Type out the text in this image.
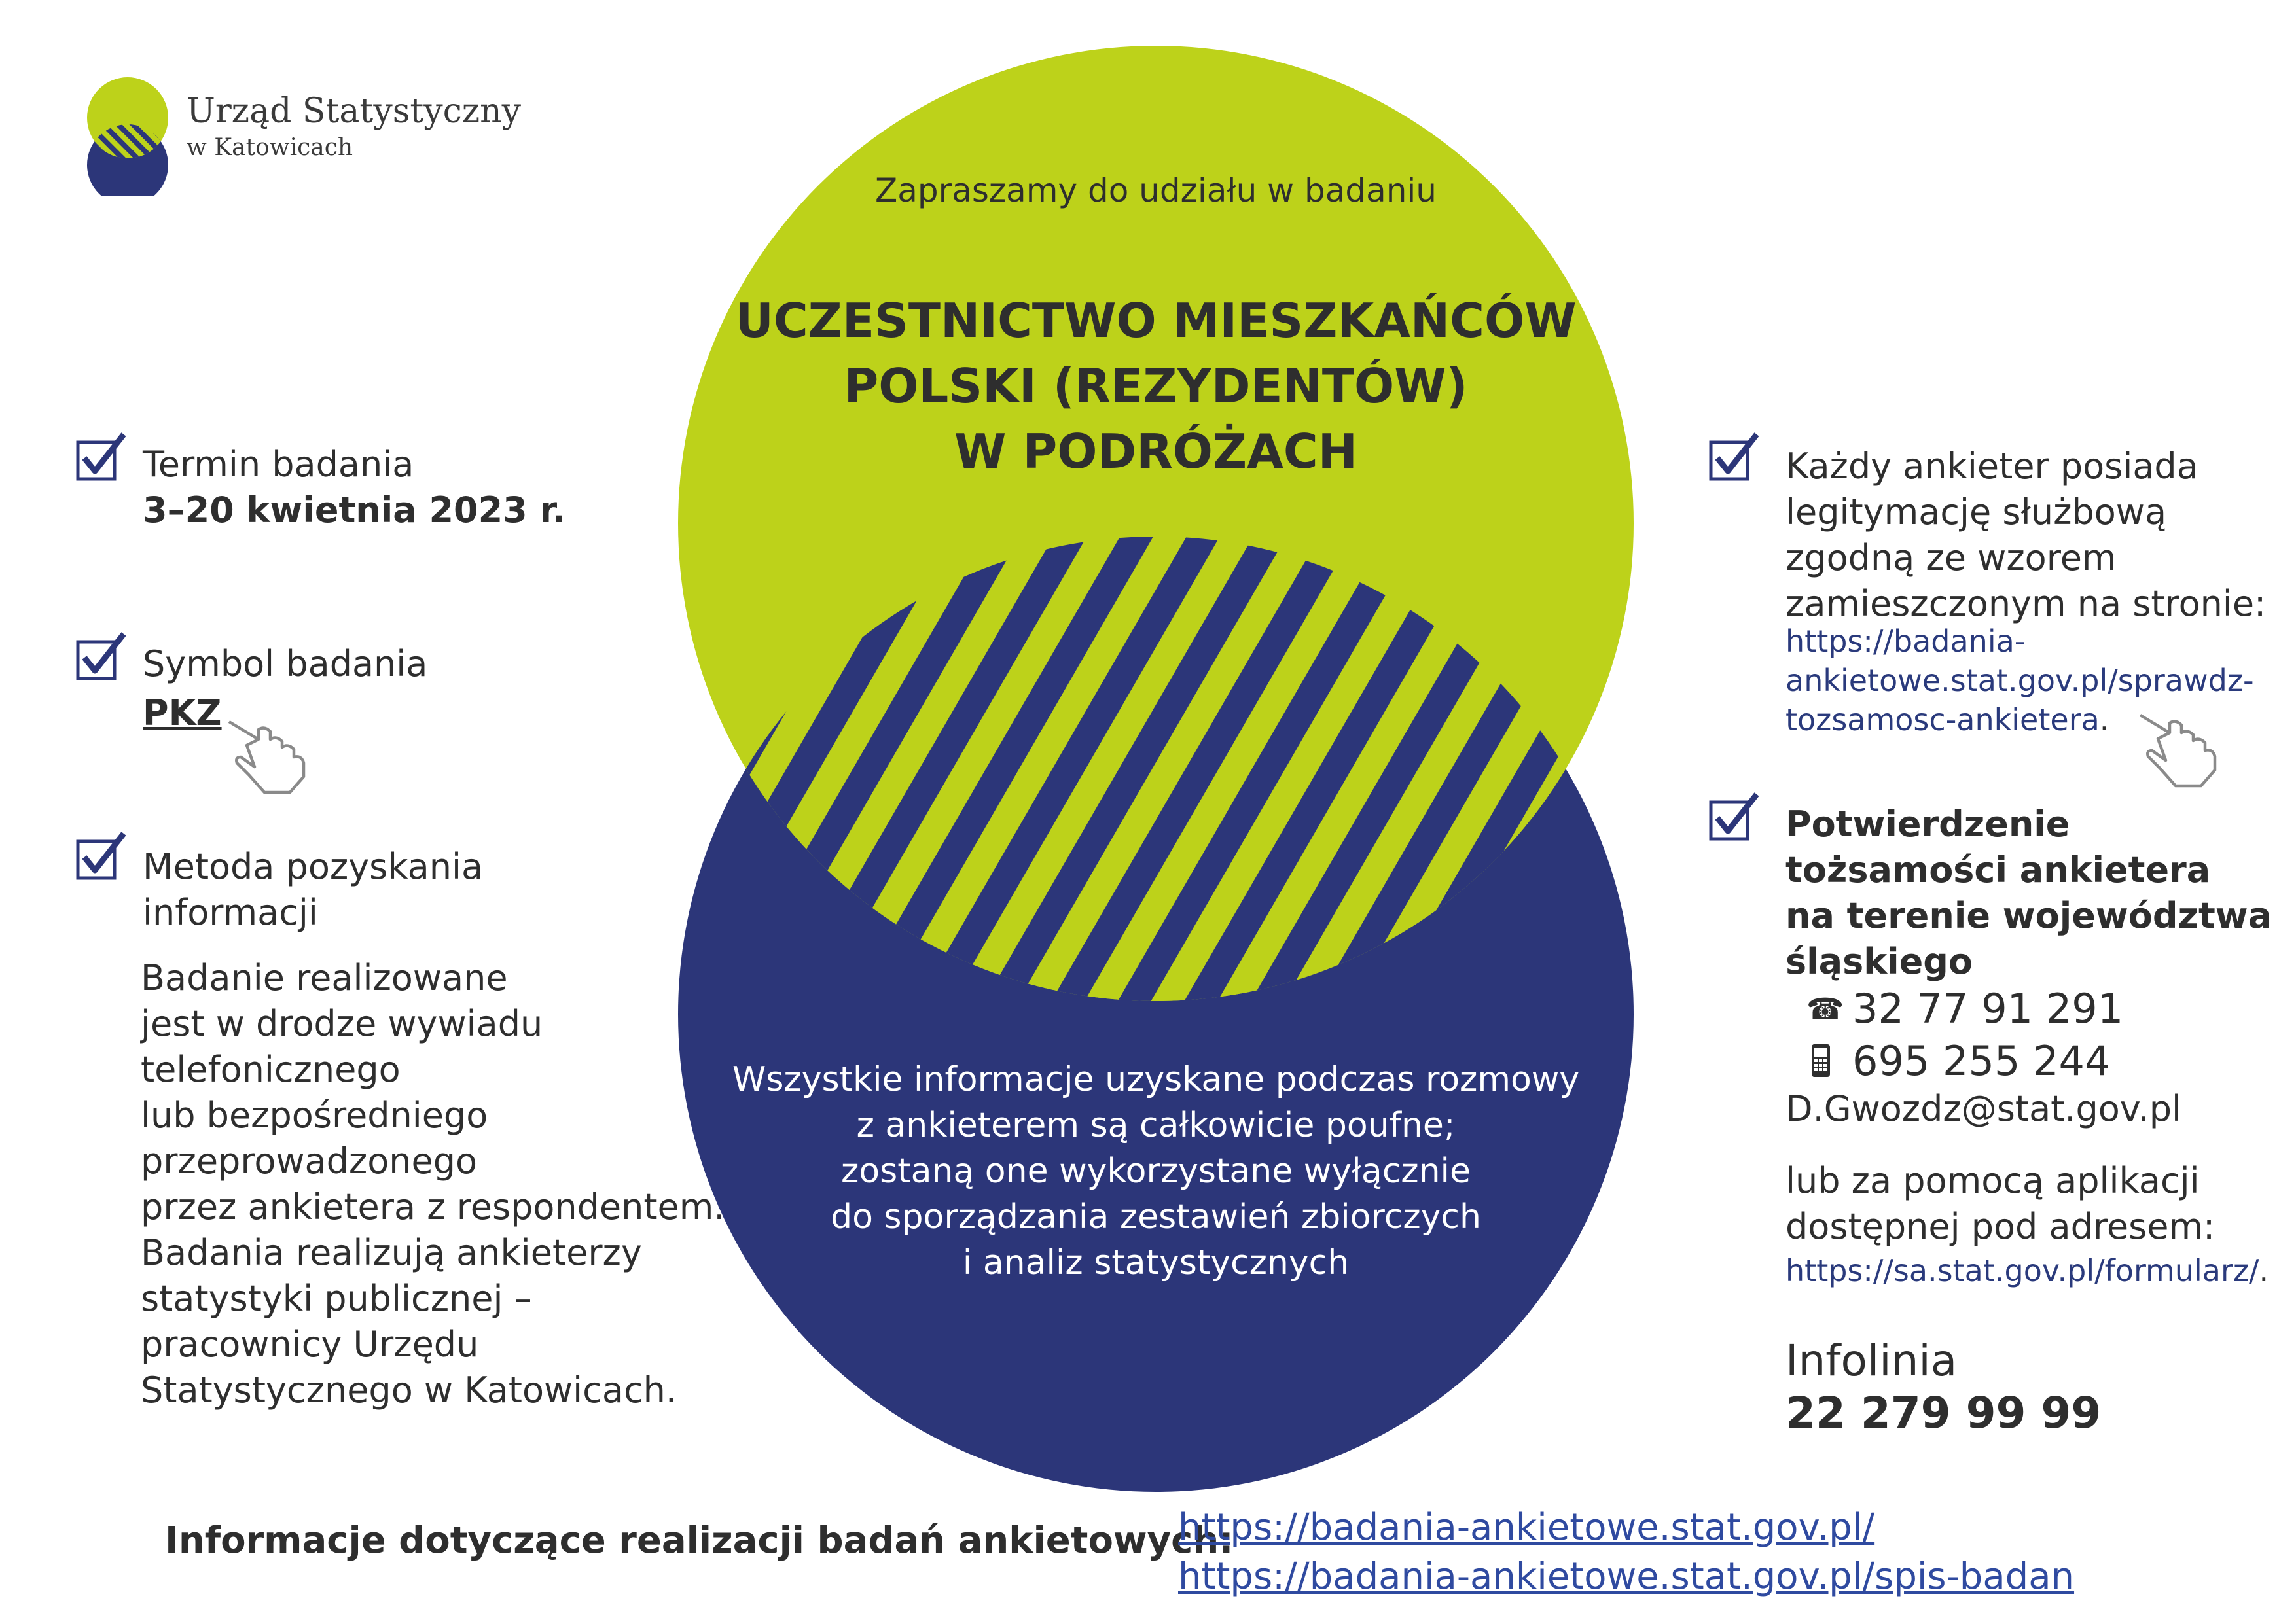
Urząd Statystyczny
w Katowicach
Zapraszamy do udziału w badaniu
UCZESTNICTWO MIESZKAŃCÓW
POLSKI (REZYDENTÓW)
W PODRÓŻACH
Wszystkie informacje uzyskane podczas rozmowy
z ankieterem są całkowicie poufne;
zostaną one wykorzystane wyłącznie
do sporządzania zestawień zbiorczych
i analiz statystycznych
Termin badania
3–20 kwietnia 2023 r.
Symbol badania
PKZ
Metoda pozyskania
informacji
Badanie realizowane
jest w drodze wywiadu
telefonicznego
lub bezpośredniego
przeprowadzonego
przez ankietera z respondentem.
Badania realizują ankieterzy
statystyki publicznej –
pracownicy Urzędu
Statystycznego w Katowicach.
Każdy ankieter posiada
legitymację służbową
zgodną ze wzorem
zamieszczonym na stronie:
https://badania-
ankietowe.stat.gov.pl/sprawdz-
tozsamosc-ankietera.
Potwierdzenie
tożsamości ankietera
na terenie województwa
śląskiego
☎ 32 77 91 291
695 255 244
D.Gwozdz@stat.gov.pl
lub za pomocą aplikacji
dostępnej pod adresem:
https://sa.stat.gov.pl/formularz/.
Infolinia
22 279 99 99
Informacje dotyczące realizacji badań ankietowych:
https://badania-ankietowe.stat.gov.pl/
https://badania-ankietowe.stat.gov.pl/spis-badan
